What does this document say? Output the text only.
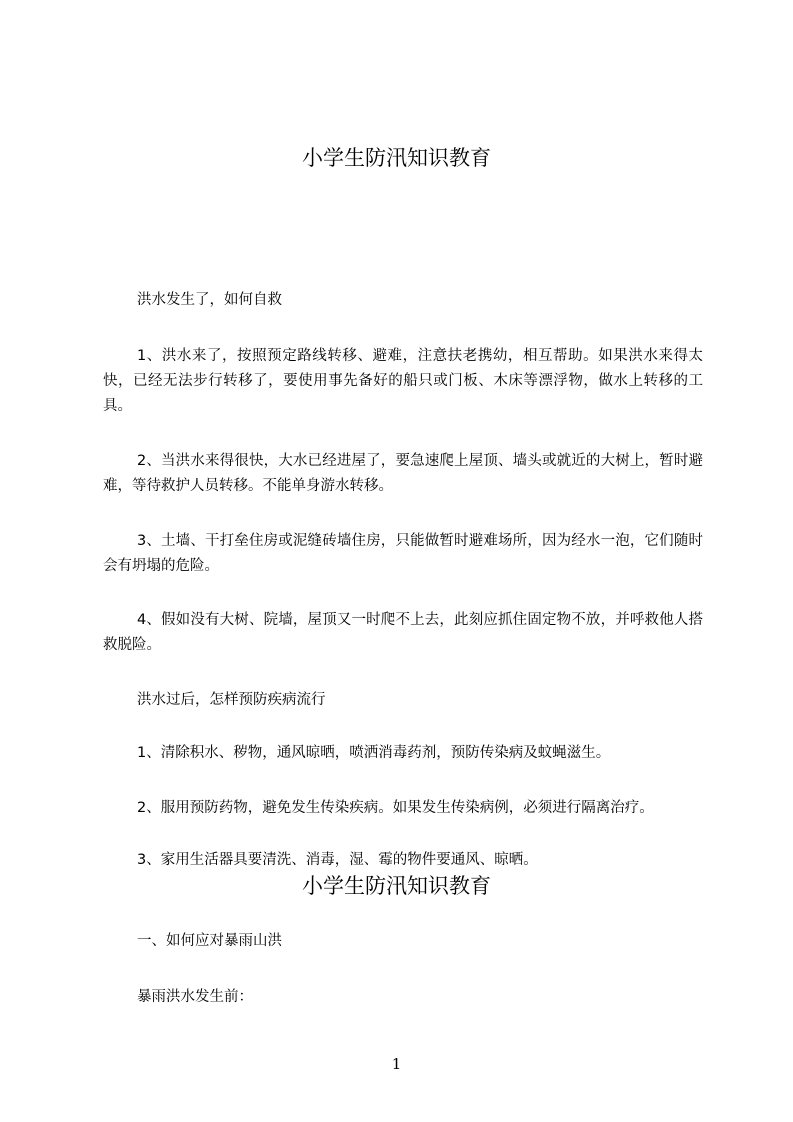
小学生防汛知识教育

洪水发生了，如何自救

1、洪水来了，按照预定路线转移、避难，注意扶老携幼，相互帮助。如果洪水来得太快，已经无法步行转移了，要使用事先备好的船只或门板、木床等漂浮物，做水上转移的工具。

2、当洪水来得很快，大水已经进屋了，要急速爬上屋顶、墙头或就近的大树上，暂时避难，等待救护人员转移。不能单身游水转移。

3、土墙、干打垒住房或泥缝砖墙住房，只能做暂时避难场所，因为经水一泡，它们随时会有坍塌的危险。

4、假如没有大树、院墙，屋顶又一时爬不上去，此刻应抓住固定物不放，并呼救他人搭救脱险。

洪水过后，怎样预防疾病流行

1、清除积水、秽物，通风晾晒，喷洒消毒药剂，预防传染病及蚊蝇滋生。

2、服用预防药物，避免发生传染疾病。如果发生传染病例，必须进行隔离治疗。

3、家用生活器具要清洗、消毒，湿、霉的物件要通风、晾晒。

小学生防汛知识教育

一、如何应对暴雨山洪

暴雨洪水发生前：

1
